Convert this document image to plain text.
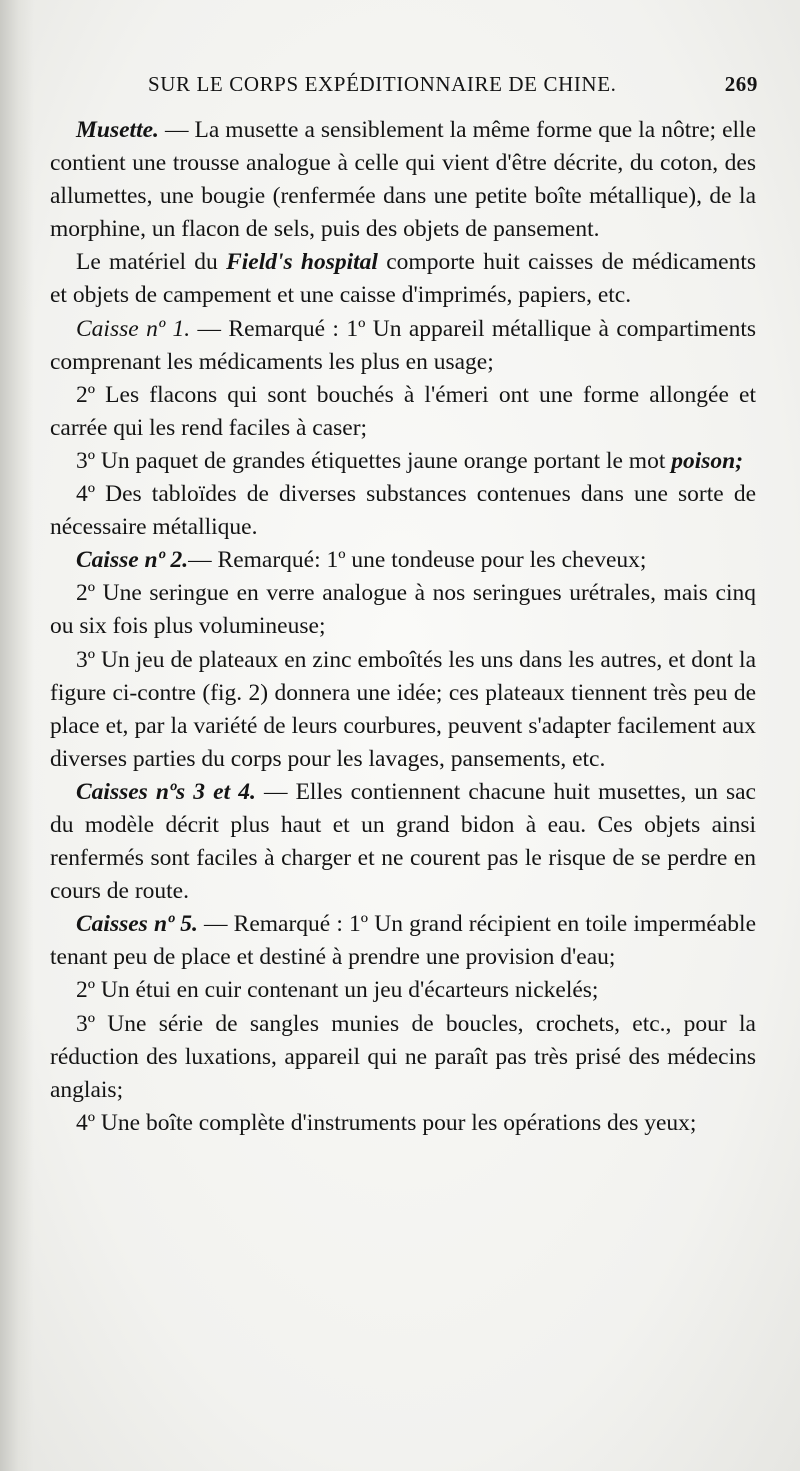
SUR LE CORPS EXPÉDITIONNAIRE DE CHINE.	269

Musette. — La musette a sensiblement la même forme que la nôtre; elle contient une trousse analogue à celle qui vient d'être décrite, du coton, des allumettes, une bougie (renfermée dans une petite boîte métallique), de la morphine, un flacon de sels, puis des objets de pansement.

Le matériel du Field's hospital comporte huit caisses de médicaments et objets de campement et une caisse d'imprimés, papiers, etc.

Caisse nº 1. — Remarqué : 1º Un appareil métallique à compartiments comprenant les médicaments les plus en usage;

2º Les flacons qui sont bouchés à l'émeri ont une forme allongée et carrée qui les rend faciles à caser;

3º Un paquet de grandes étiquettes jaune orange portant le mot poison;

4º Des tabloïdes de diverses substances contenues dans une sorte de nécessaire métallique.

Caisse nº 2.— Remarqué: 1º une tondeuse pour les cheveux;

2º Une seringue en verre analogue à nos seringues urétrales, mais cinq ou six fois plus volumineuse;

3º Un jeu de plateaux en zinc emboîtés les uns dans les autres, et dont la figure ci-contre (fig. 2) donnera une idée; ces plateaux tiennent très peu de place et, par la variété de leurs courbures, peuvent s'adapter facilement aux diverses parties du corps pour les lavages, pansements, etc.

Caisses nºs 3 et 4. — Elles contiennent chacune huit musettes, un sac du modèle décrit plus haut et un grand bidon à eau. Ces objets ainsi renfermés sont faciles à charger et ne courent pas le risque de se perdre en cours de route.

Caisses nº 5. — Remarqué : 1º Un grand récipient en toile imperméable tenant peu de place et destiné à prendre une provision d'eau;

2º Un étui en cuir contenant un jeu d'écarteurs nickelés;

3º Une série de sangles munies de boucles, crochets, etc., pour la réduction des luxations, appareil qui ne paraît pas très prisé des médecins anglais;

4º Une boîte complète d'instruments pour les opérations des yeux;
